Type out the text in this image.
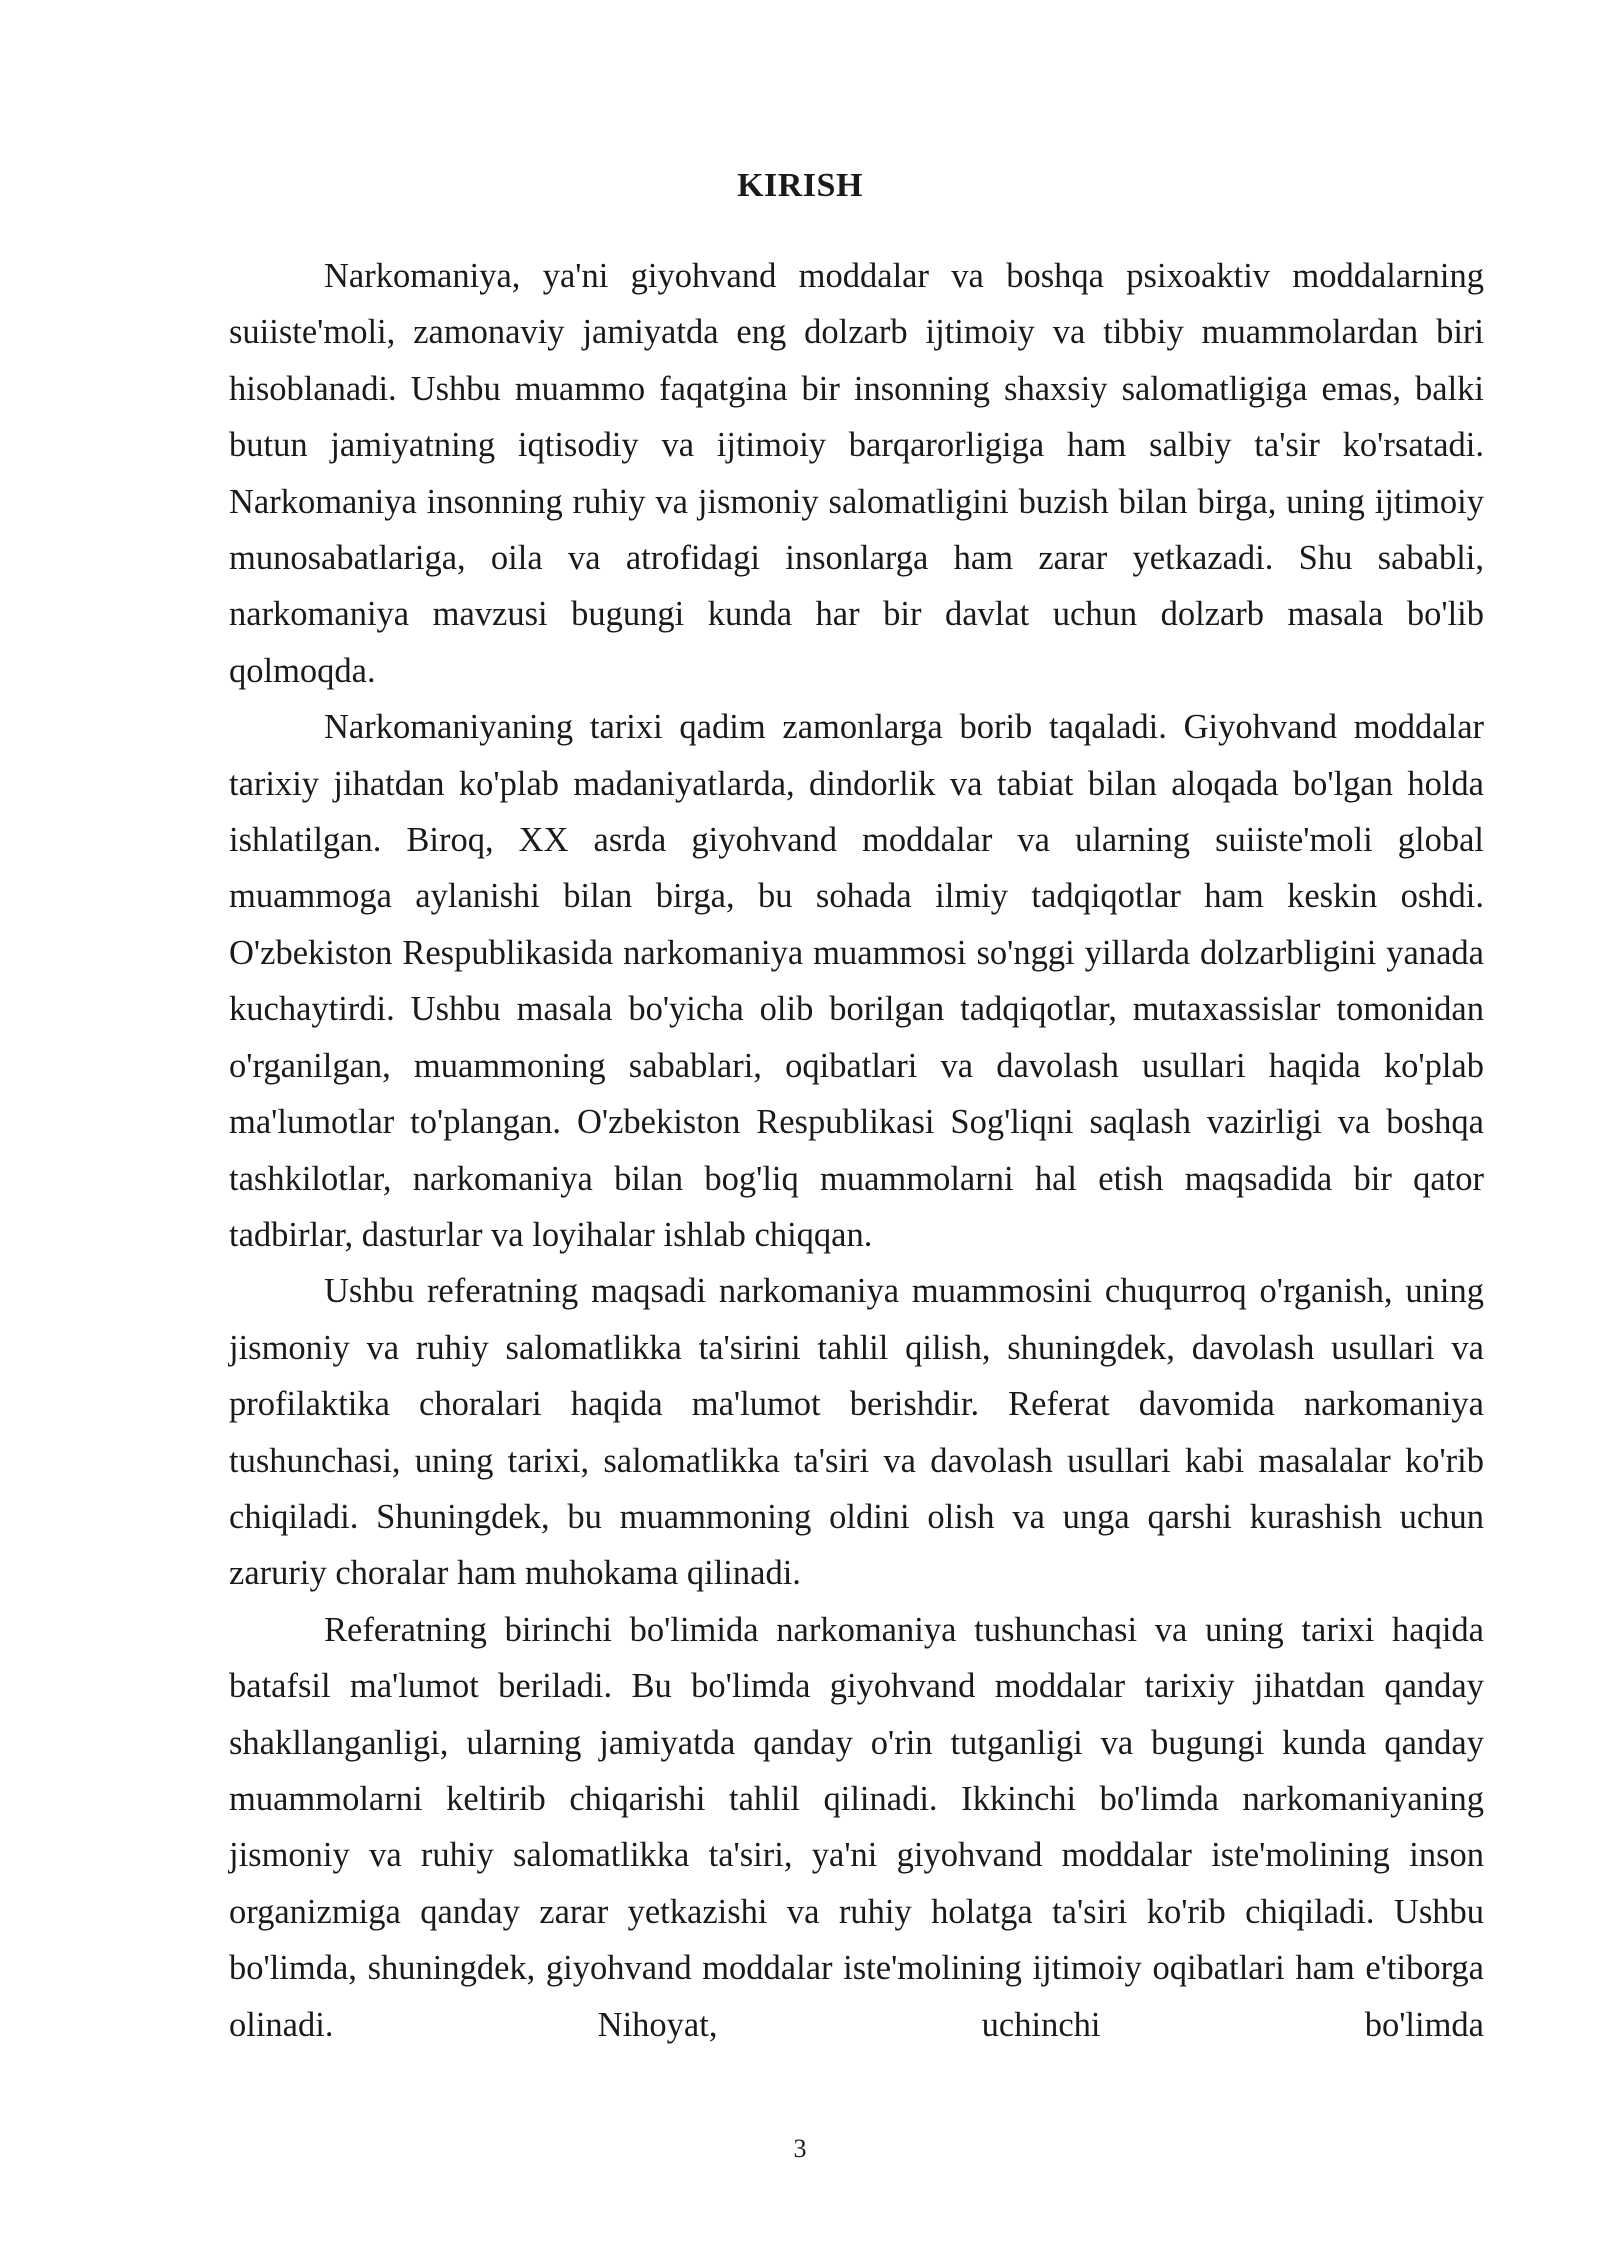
KIRISH

Narkomaniya, ya'ni giyohvand moddalar va boshqa psixoaktiv moddalarning suiiste'moli, zamonaviy jamiyatda eng dolzarb ijtimoiy va tibbiy muammolardan biri hisoblanadi. Ushbu muammo faqatgina bir insonning shaxsiy salomatligiga emas, balki butun jamiyatning iqtisodiy va ijtimoiy barqarorligiga ham salbiy ta'sir ko'rsatadi. Narkomaniya insonning ruhiy va jismoniy salomatligini buzish bilan birga, uning ijtimoiy munosabatlariga, oila va atrofidagi insonlarga ham zarar yetkazadi. Shu sababli, narkomaniya mavzusi bugungi kunda har bir davlat uchun dolzarb masala bo'lib qolmoqda.

Narkomaniyaning tarixi qadim zamonlarga borib taqaladi. Giyohvand moddalar tarixiy jihatdan ko'plab madaniyatlarda, dindorlik va tabiat bilan aloqada bo'lgan holda ishlatilgan. Biroq, XX asrda giyohvand moddalar va ularning suiiste'moli global muammoga aylanishi bilan birga, bu sohada ilmiy tadqiqotlar ham keskin oshdi. O'zbekiston Respublikasida narkomaniya muammosi so'nggi yillarda dolzarbligini yanada kuchaytirdi. Ushbu masala bo'yicha olib borilgan tadqiqotlar, mutaxassislar tomonidan o'rganilgan, muammoning sabablari, oqibatlari va davolash usullari haqida ko'plab ma'lumotlar to'plangan. O'zbekiston Respublikasi Sog'liqni saqlash vazirligi va boshqa tashkilotlar, narkomaniya bilan bog'liq muammolarni hal etish maqsadida bir qator tadbirlar, dasturlar va loyihalar ishlab chiqqan.

Ushbu referatning maqsadi narkomaniya muammosini chuqurroq o'rganish, uning jismoniy va ruhiy salomatlikka ta'sirini tahlil qilish, shuningdek, davolash usullari va profilaktika choralari haqida ma'lumot berishdir. Referat davomida narkomaniya tushunchasi, uning tarixi, salomatlikka ta'siri va davolash usullari kabi masalalar ko'rib chiqiladi. Shuningdek, bu muammoning oldini olish va unga qarshi kurashish uchun zaruriy choralar ham muhokama qilinadi.

Referatning birinchi bo'limida narkomaniya tushunchasi va uning tarixi haqida batafsil ma'lumot beriladi. Bu bo'limda giyohvand moddalar tarixiy jihatdan qanday shakllanganligi, ularning jamiyatda qanday o'rin tutganligi va bugungi kunda qanday muammolarni keltirib chiqarishi tahlil qilinadi. Ikkinchi bo'limda narkomaniyaning jismoniy va ruhiy salomatlikka ta'siri, ya'ni giyohvand moddalar iste'molining inson organizmiga qanday zarar yetkazishi va ruhiy holatga ta'siri ko'rib chiqiladi. Ushbu bo'limda, shuningdek, giyohvand moddalar iste'molining ijtimoiy oqibatlari ham e'tiborga olinadi. Nihoyat, uchinchi bo'limda

3
